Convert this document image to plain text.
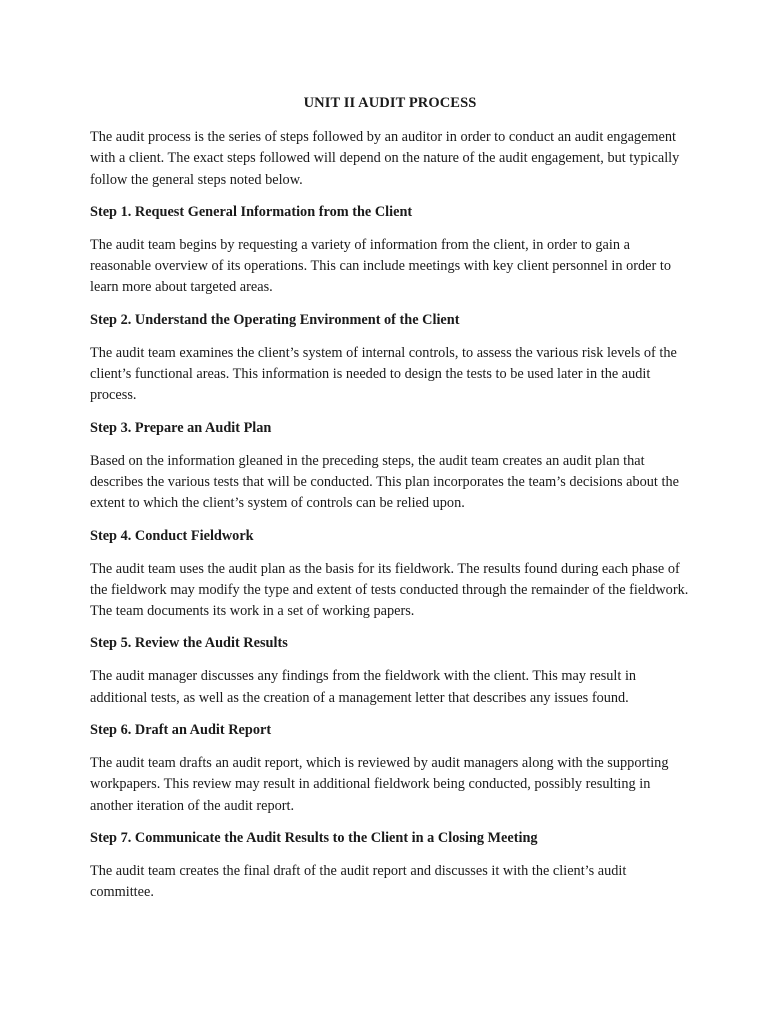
UNIT II AUDIT PROCESS

The audit process is the series of steps followed by an auditor in order to conduct an audit engagement with a client. The exact steps followed will depend on the nature of the audit engagement, but typically follow the general steps noted below.

Step 1. Request General Information from the Client

The audit team begins by requesting a variety of information from the client, in order to gain a reasonable overview of its operations. This can include meetings with key client personnel in order to learn more about targeted areas.

Step 2. Understand the Operating Environment of the Client

The audit team examines the client’s system of internal controls, to assess the various risk levels of the client’s functional areas. This information is needed to design the tests to be used later in the audit process.

Step 3. Prepare an Audit Plan

Based on the information gleaned in the preceding steps, the audit team creates an audit plan that describes the various tests that will be conducted. This plan incorporates the team’s decisions about the extent to which the client’s system of controls can be relied upon.

Step 4. Conduct Fieldwork

The audit team uses the audit plan as the basis for its fieldwork. The results found during each phase of the fieldwork may modify the type and extent of tests conducted through the remainder of the fieldwork. The team documents its work in a set of working papers.

Step 5. Review the Audit Results

The audit manager discusses any findings from the fieldwork with the client. This may result in additional tests, as well as the creation of a management letter that describes any issues found.

Step 6. Draft an Audit Report

The audit team drafts an audit report, which is reviewed by audit managers along with the supporting workpapers. This review may result in additional fieldwork being conducted, possibly resulting in another iteration of the audit report.

Step 7. Communicate the Audit Results to the Client in a Closing Meeting

The audit team creates the final draft of the audit report and discusses it with the client’s audit committee.
